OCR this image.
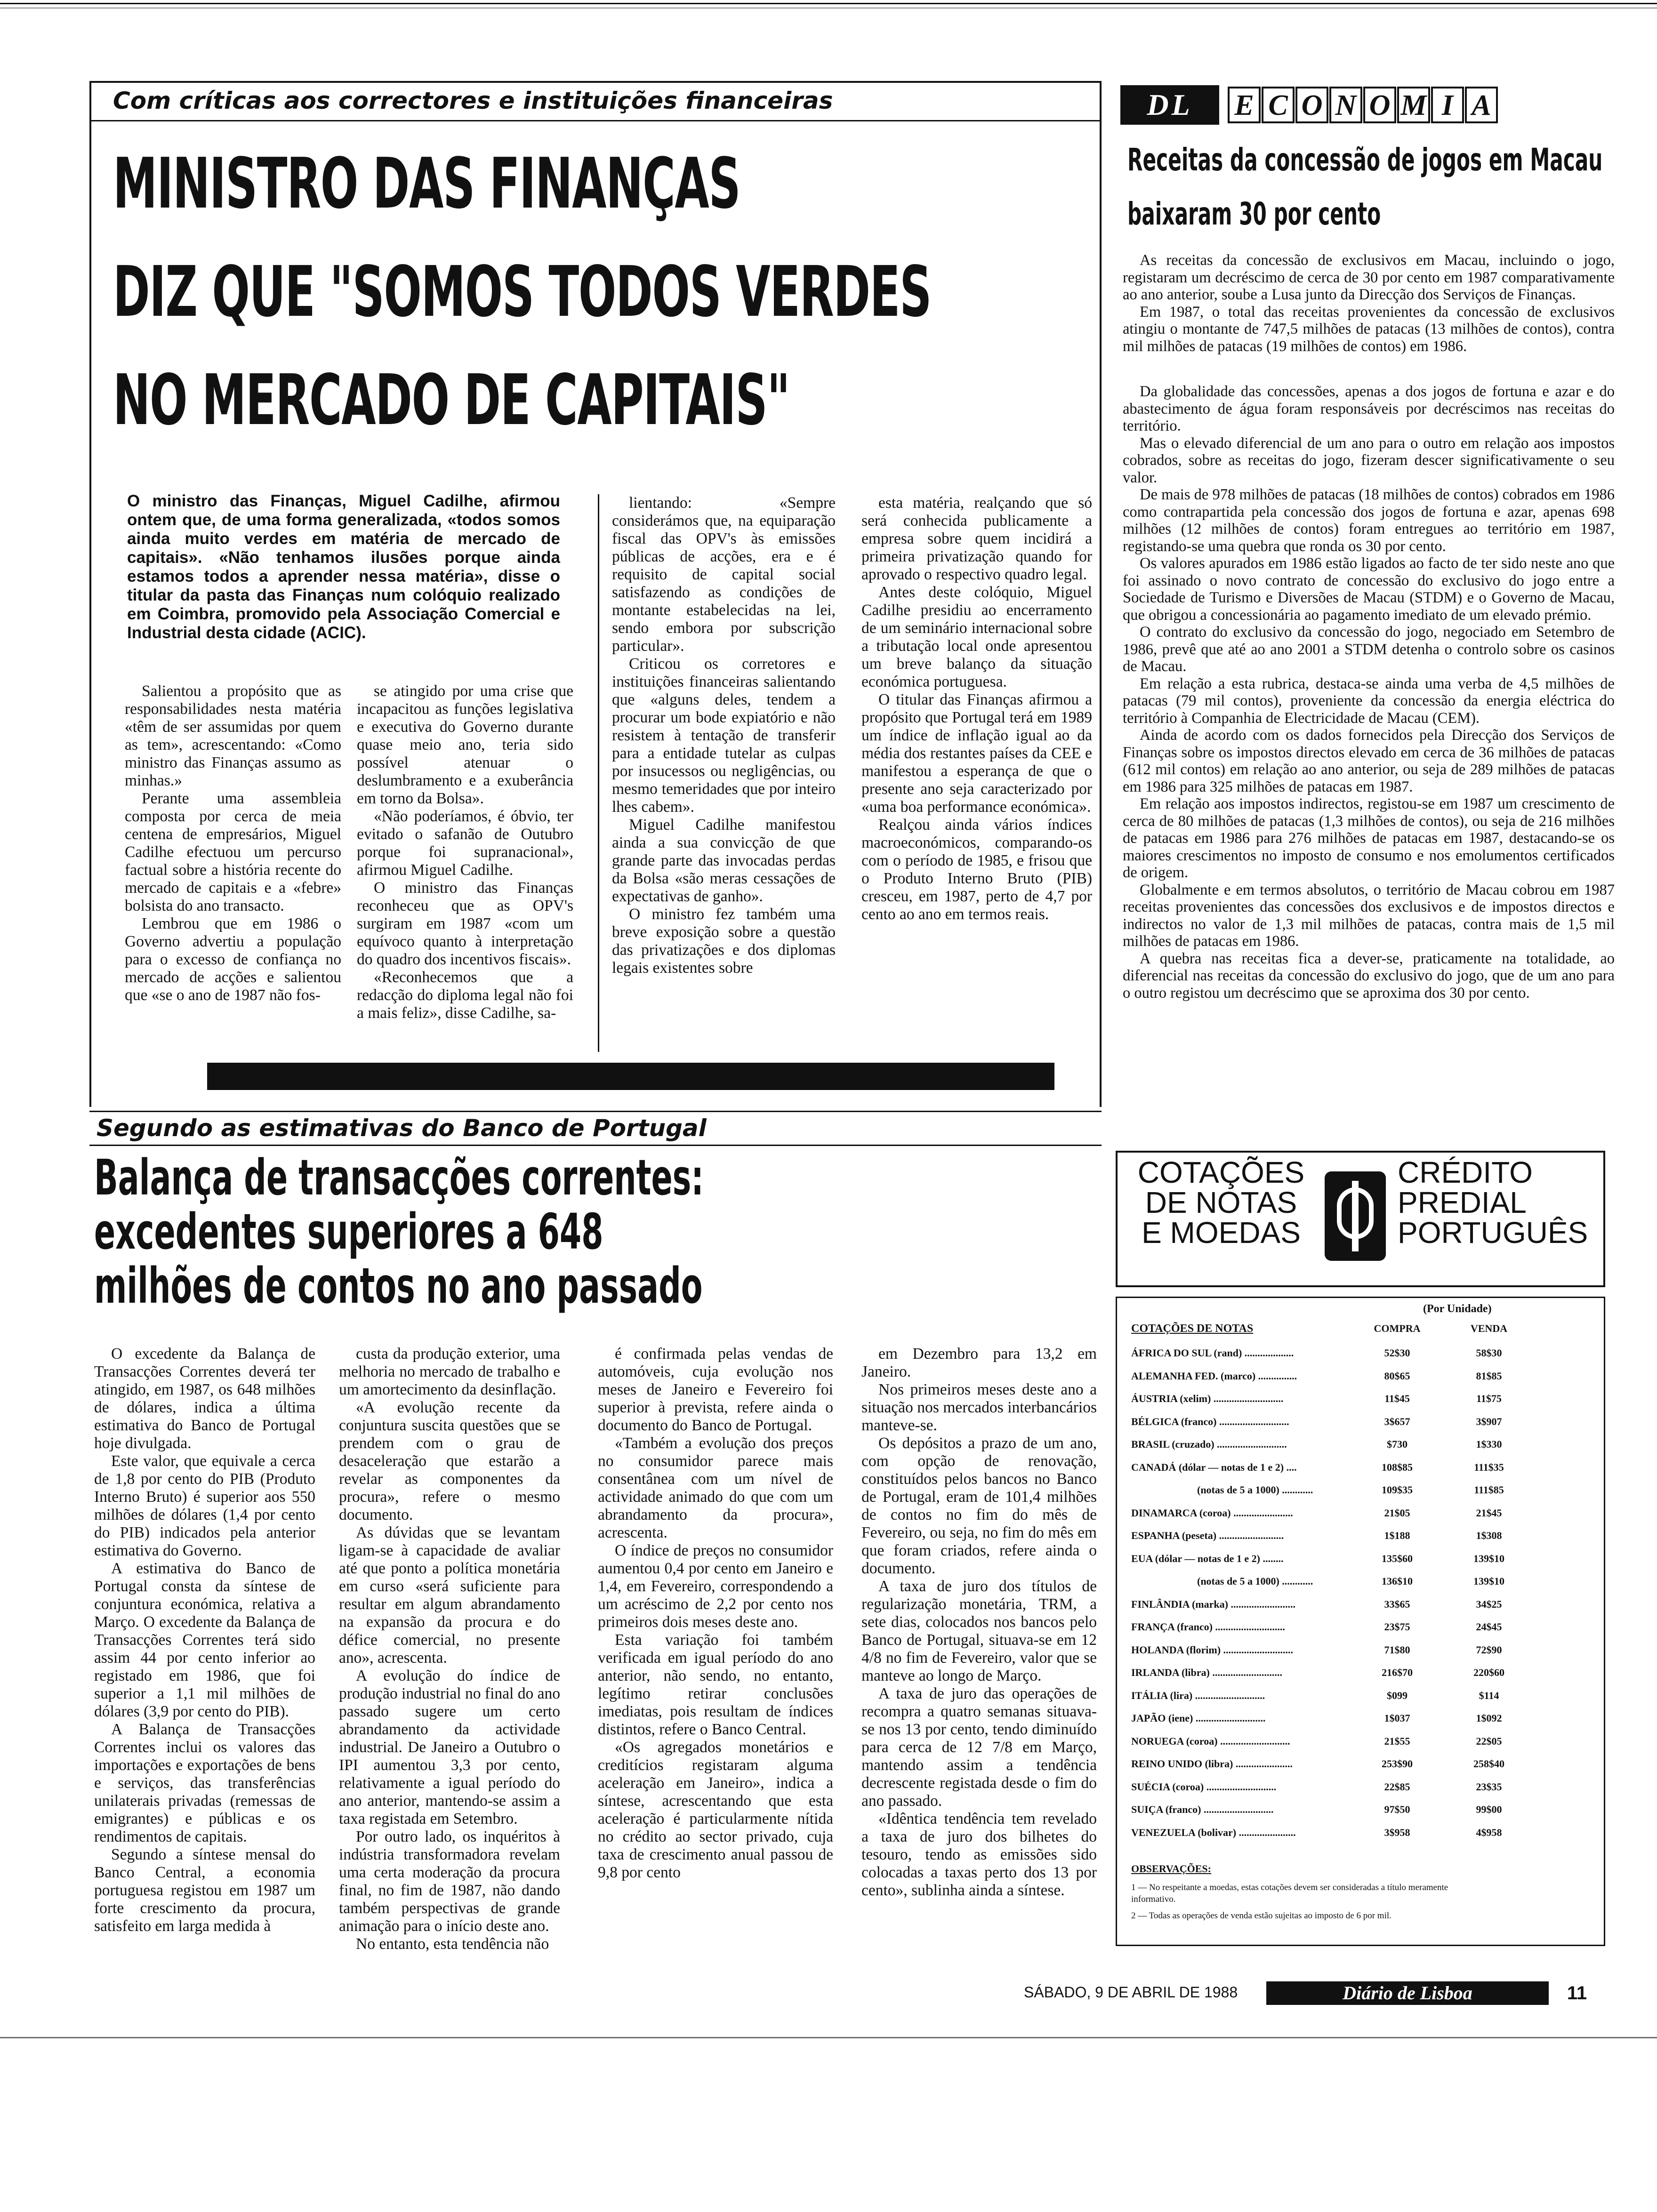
Com críticas aos correctores e instituições financeiras
MINISTRO DAS FINANÇAS
DIZ QUE "SOMOS TODOS VERDES
NO MERCADO DE CAPITAIS"
O ministro das Finanças, Miguel Cadilhe, afirmou ontem que, de uma forma generalizada, «todos somos ainda muito verdes em matéria de mercado de capitais». «Não tenhamos ilusões porque ainda estamos todos a aprender nessa matéria», disse o titular da pasta das Finanças num colóquio realizado em Coimbra, promovido pela Associação Comercial e Industrial desta cidade (ACIC).

Salientou a propósito que as responsabilidades nesta matéria «têm de ser assumidas por quem as tem», acrescentando: «Como ministro das Finanças assumo as minhas.»

Perante uma assembleia composta por cerca de meia centena de empresários, Miguel Cadilhe efectuou um percurso factual sobre a história recente do mercado de capitais e a «febre» bolsista do ano transacto.

Lembrou que em 1986 o Governo advertiu a população para o excesso de confiança no mercado de acções e salientou que «se o ano de 1987 não fos-

se atingido por uma crise que incapacitou as funções legislativa e executiva do Governo durante quase meio ano, teria sido possível atenuar o deslumbramento e a exuberância em torno da Bolsa».

«Não poderíamos, é óbvio, ter evitado o safanão de Outubro porque foi supranacional», afirmou Miguel Cadilhe.

O ministro das Finanças reconheceu que as OPV's surgiram em 1987 «com um equívoco quanto à interpretação do quadro dos incentivos fiscais».

«Reconhecemos que a redacção do diploma legal não foi a mais feliz», disse Cadilhe, sa-

lientando: «Sempre considerámos que, na equiparação fiscal das OPV's às emissões públicas de acções, era e é requisito de capital social satisfazendo as condições de montante estabelecidas na lei, sendo embora por subscrição particular».

Criticou os corretores e instituições financeiras salientando que «alguns deles, tendem a procurar um bode expiatório e não resistem à tentação de transferir para a entidade tutelar as culpas por insucessos ou negligências, ou mesmo temeridades que por inteiro lhes cabem».

Miguel Cadilhe manifestou ainda a sua convicção de que grande parte das invocadas perdas da Bolsa «são meras cessações de expectativas de ganho».

O ministro fez também uma breve exposição sobre a questão das privatizações e dos diplomas legais existentes sobre

esta matéria, realçando que só será conhecida publicamente a empresa sobre quem incidirá a primeira privatização quando for aprovado o respectivo quadro legal.

Antes deste colóquio, Miguel Cadilhe presidiu ao encerramento de um seminário internacional sobre a tributação local onde apresentou um breve balanço da situação económica portuguesa.

O titular das Finanças afirmou a propósito que Portugal terá em 1989 um índice de inflação igual ao da média dos restantes países da CEE e manifestou a esperança de que o presente ano seja caracterizado por «uma boa performance económica».

Realçou ainda vários índices macroeconómicos, comparando-os com o período de 1985, e frisou que o Produto Interno Bruto (PIB) cresceu, em 1987, perto de 4,7 por cento ao ano em termos reais.

DL	E C O N O M I A
Receitas da concessão de jogos em Macau
baixaram 30 por cento

As receitas da concessão de exclusivos em Macau, incluindo o jogo, registaram um decréscimo de cerca de 30 por cento em 1987 comparativamente ao ano anterior, soube a Lusa junto da Direcção dos Serviços de Finanças.

Em 1987, o total das receitas provenientes da concessão de exclusivos atingiu o montante de 747,5 milhões de patacas (13 milhões de contos), contra mil milhões de patacas (19 milhões de contos) em 1986.

Da globalidade das concessões, apenas a dos jogos de fortuna e azar e do abastecimento de água foram responsáveis por decréscimos nas receitas do território.

Mas o elevado diferencial de um ano para o outro em relação aos impostos cobrados, sobre as receitas do jogo, fizeram descer significativamente o seu valor.

De mais de 978 milhões de patacas (18 milhões de contos) cobrados em 1986 como contrapartida pela concessão dos jogos de fortuna e azar, apenas 698 milhões (12 milhões de contos) foram entregues ao território em 1987, registando-se uma quebra que ronda os 30 por cento.

Os valores apurados em 1986 estão ligados ao facto de ter sido neste ano que foi assinado o novo contrato de concessão do exclusivo do jogo entre a Sociedade de Turismo e Diversões de Macau (STDM) e o Governo de Macau, que obrigou a concessionária ao pagamento imediato de um elevado prémio.

O contrato do exclusivo da concessão do jogo, negociado em Setembro de 1986, prevê que até ao ano 2001 a STDM detenha o controlo sobre os casinos de Macau.

Em relação a esta rubrica, destaca-se ainda uma verba de 4,5 milhões de patacas (79 mil contos), proveniente da concessão da energia eléctrica do território à Companhia de Electricidade de Macau (CEM).

Ainda de acordo com os dados fornecidos pela Direcção dos Serviços de Finanças sobre os impostos directos elevado em cerca de 36 milhões de patacas (612 mil contos) em relação ao ano anterior, ou seja de 289 milhões de patacas em 1986 para 325 milhões de patacas em 1987.

Em relação aos impostos indirectos, registou-se em 1987 um crescimento de cerca de 80 milhões de patacas (1,3 milhões de contos), ou seja de 216 milhões de patacas em 1986 para 276 milhões de patacas em 1987, destacando-se os maiores crescimentos no imposto de consumo e nos emolumentos certificados de origem.

Globalmente e em termos absolutos, o território de Macau cobrou em 1987 receitas provenientes das concessões dos exclusivos e de impostos directos e indirectos no valor de 1,3 mil milhões de patacas, contra mais de 1,5 mil milhões de patacas em 1986.

A quebra nas receitas fica a dever-se, praticamente na totalidade, ao diferencial nas receitas da concessão do exclusivo do jogo, que de um ano para o outro registou um decréscimo que se aproxima dos 30 por cento.

Segundo as estimativas do Banco de Portugal
Balança de transacções correntes:
excedentes superiores a 648
milhões de contos no ano passado

O excedente da Balança de Transacções Correntes deverá ter atingido, em 1987, os 648 milhões de dólares, indica a última estimativa do Banco de Portugal hoje divulgada.

Este valor, que equivale a cerca de 1,8 por cento do PIB (Produto Interno Bruto) é superior aos 550 milhões de dólares (1,4 por cento do PIB) indicados pela anterior estimativa do Governo.

A estimativa do Banco de Portugal consta da síntese de conjuntura económica, relativa a Março. O excedente da Balança de Transacções Correntes terá sido assim 44 por cento inferior ao registado em 1986, que foi superior a 1,1 mil milhões de dólares (3,9 por cento do PIB).

A Balança de Transacções Correntes inclui os valores das importações e exportações de bens e serviços, das transferências unilaterais privadas (remessas de emigrantes) e públicas e os rendimentos de capitais.

Segundo a síntese mensal do Banco Central, a economia portuguesa registou em 1987 um forte crescimento da procura, satisfeito em larga medida à

custa da produção exterior, uma melhoria no mercado de trabalho e um amortecimento da desinflação.

«A evolução recente da conjuntura suscita questões que se prendem com o grau de desaceleração que estarão a revelar as componentes da procura», refere o mesmo documento.

As dúvidas que se levantam ligam-se à capacidade de avaliar até que ponto a política monetária em curso «será suficiente para resultar em algum abrandamento na expansão da procura e do défice comercial, no presente ano», acrescenta.

A evolução do índice de produção industrial no final do ano passado sugere um certo abrandamento da actividade industrial. De Janeiro a Outubro o IPI aumentou 3,3 por cento, relativamente a igual período do ano anterior, mantendo-se assim a taxa registada em Setembro.

Por outro lado, os inquéritos à indústria transformadora revelam uma certa moderação da procura final, no fim de 1987, não dando também perspectivas de grande animação para o início deste ano.

No entanto, esta tendência não

é confirmada pelas vendas de automóveis, cuja evolução nos meses de Janeiro e Fevereiro foi superior à prevista, refere ainda o documento do Banco de Portugal.

«Também a evolução dos preços no consumidor parece mais consentânea com um nível de actividade animado do que com um abrandamento da procura», acrescenta.

O índice de preços no consumidor aumentou 0,4 por cento em Janeiro e 1,4, em Fevereiro, correspondendo a um acréscimo de 2,2 por cento nos primeiros dois meses deste ano.

Esta variação foi também verificada em igual período do ano anterior, não sendo, no entanto, legítimo retirar conclusões imediatas, pois resultam de índices distintos, refere o Banco Central.

«Os agregados monetários e creditícios registaram alguma aceleração em Janeiro», indica a síntese, acrescentando que esta aceleração é particularmente nítida no crédito ao sector privado, cuja taxa de crescimento anual passou de 9,8 por cento

em Dezembro para 13,2 em Janeiro.

Nos primeiros meses deste ano a situação nos mercados interbancários manteve-se.

Os depósitos a prazo de um ano, com opção de renovação, constituídos pelos bancos no Banco de Portugal, eram de 101,4 milhões de contos no fim do mês de Fevereiro, ou seja, no fim do mês em que foram criados, refere ainda o documento.

A taxa de juro dos títulos de regularização monetária, TRM, a sete dias, colocados nos bancos pelo Banco de Portugal, situava-se em 12 4/8 no fim de Fevereiro, valor que se manteve ao longo de Março.

A taxa de juro das operações de recompra a quatro semanas situava-se nos 13 por cento, tendo diminuído para cerca de 12 7/8 em Março, mantendo assim a tendência decrescente registada desde o fim do ano passado.

«Idêntica tendência tem revelado a taxa de juro dos bilhetes do tesouro, tendo as emissões sido colocadas a taxas perto dos 13 por cento», sublinha ainda a síntese.

COTAÇÕES
DE NOTAS
E MOEDAS
CRÉDITO
PREDIAL
PORTUGUÊS
(Por Unidade)
COTAÇÕES DE NOTAS	COMPRA	VENDA
ÁFRICA DO SUL (rand) ...................	52$30	58$30
ALEMANHA FED. (marco) ...............	80$65	81$85
ÁUSTRIA (xelim) ...........................	11$45	11$75
BÉLGICA (franco) ...........................	3$657	3$907
BRASIL (cruzado) ...........................	$730	1$330
CANADÁ (dólar — notas de 1 e 2) ....	108$85	111$35
(notas de 5 a 1000) ............	109$35	111$85
DINAMARCA (coroa) .......................	21$05	21$45
ESPANHA (peseta) .........................	1$188	1$308
EUA (dólar — notas de 1 e 2) ........	135$60	139$10
(notas de 5 a 1000) ............	136$10	139$10
FINLÂNDIA (marka) .........................	33$65	34$25
FRANÇA (franco) ...........................	23$75	24$45
HOLANDA (florim) ...........................	71$80	72$90
IRLANDA (libra) ...........................	216$70	220$60
ITÁLIA (lira) ...........................	$099	$114
JAPÃO (iene) ...........................	1$037	1$092
NORUEGA (coroa) ...........................	21$55	22$05
REINO UNIDO (libra) ......................	253$90	258$40
SUÉCIA (coroa) ...........................	22$85	23$35
SUIÇA (franco) ...........................	97$50	99$00
VENEZUELA (bolivar) ......................	3$958	4$958
OBSERVAÇÕES:
1 — No respeitante a moedas, estas cotações devem ser consideradas a título meramente informativo.
2 — Todas as operações de venda estão sujeitas ao imposto de 6 por mil.
SÁBADO, 9 DE ABRIL DE 1988	Diário de Lisboa	11
